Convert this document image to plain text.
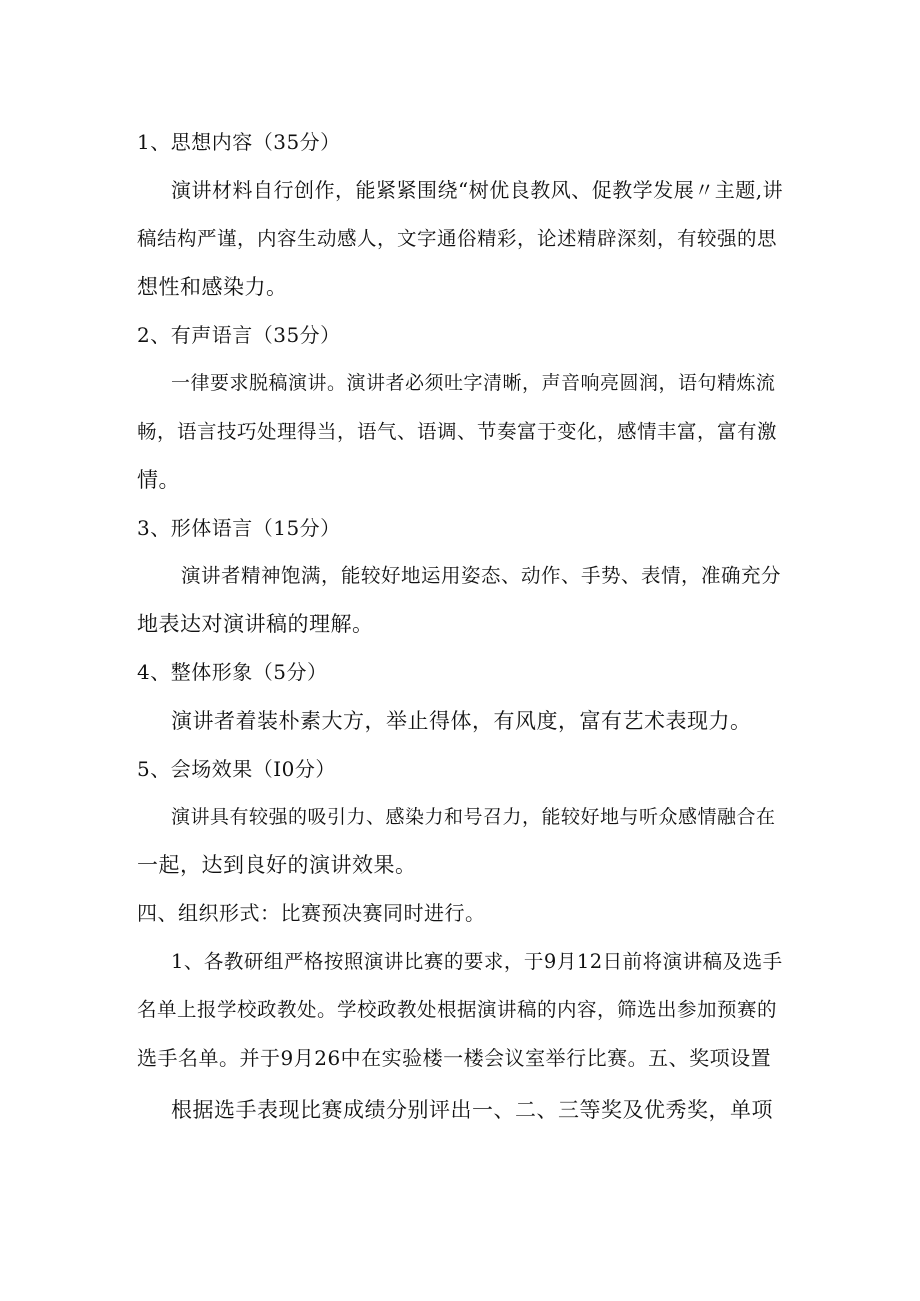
1、思想内容（35分）
演讲材料自行创作，能紧紧围绕“树优良教风、促教学发展〃主题,讲
稿结构严谨，内容生动感人，文字通俗精彩，论述精辟深刻，有较强的思
想性和感染力。
2、有声语言（35分）
一律要求脱稿演讲。演讲者必须吐字清晰，声音响亮圆润，语句精炼流
畅，语言技巧处理得当，语气、语调、节奏富于变化，感情丰富，富有激
情。
3、形体语言（15分）
演讲者精神饱满，能较好地运用姿态、动作、手势、表情，准确充分
地表达对演讲稿的理解。
4、整体形象（5分）
演讲者着装朴素大方，举止得体，有风度，富有艺术表现力。
5、会场效果（I0分）
演讲具有较强的吸引力、感染力和号召力，能较好地与听众感情融合在
一起，达到良好的演讲效果。
四、组织形式：比赛预决赛同时进行。
1、各教研组严格按照演讲比赛的要求，于9月12日前将演讲稿及选手
名单上报学校政教处。学校政教处根据演讲稿的内容，筛选出参加预赛的
选手名单。并于9月26中在实验楼一楼会议室举行比赛。五、奖项设置
根据选手表现比赛成绩分别评出一、二、三等奖及优秀奖，单项
